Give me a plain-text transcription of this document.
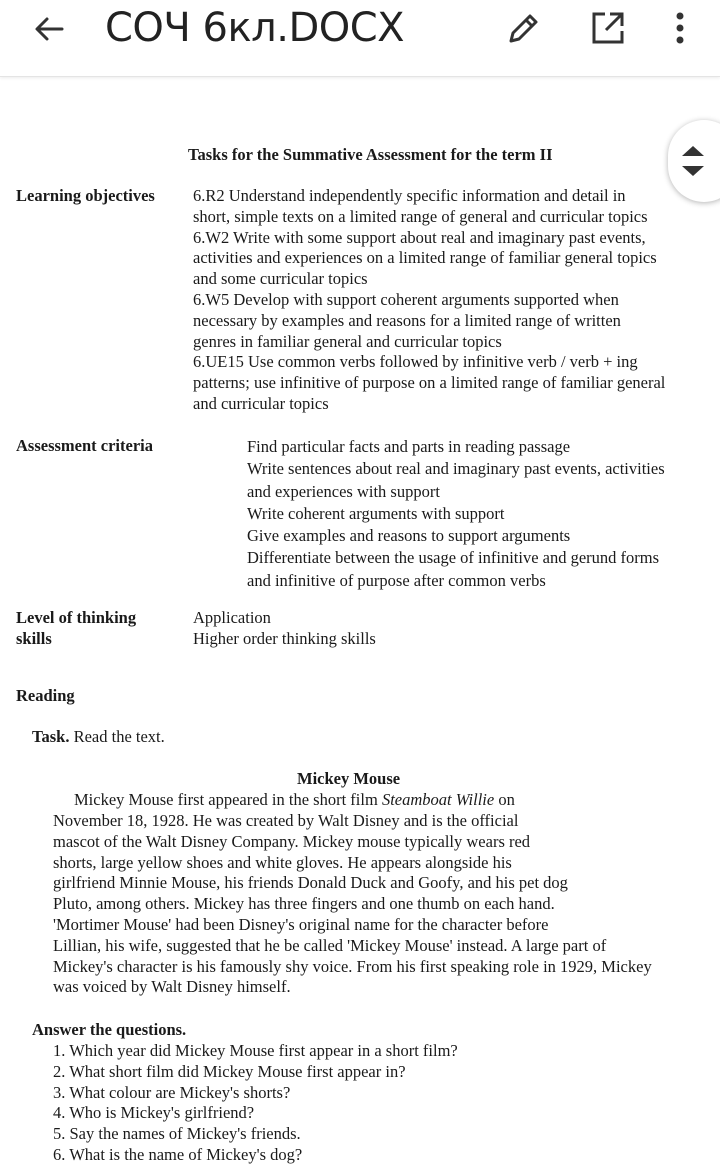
СОЧ 6кл.DOCX
Tasks for the Summative Assessment for the term II
Learning objectives 6.R2 Understand independently specific information and detail in
short, simple texts on a limited range of general and curricular topics
6.W2 Write with some support about real and imaginary past events,
activities and experiences on a limited range of familiar general topics
and some curricular topics
6.W5 Develop with support coherent arguments supported when
necessary by examples and reasons for a limited range of written
genres in familiar general and curricular topics
6.UE15 Use common verbs followed by infinitive verb / verb + ing
patterns; use infinitive of purpose on a limited range of familiar general
and curricular topics
Assessment criteria	Find particular facts and parts in reading passage
Write sentences about real and imaginary past events, activities
and experiences with support
Write coherent arguments with support
Give examples and reasons to support arguments
Differentiate between the usage of infinitive and gerund forms
and infinitive of purpose after common verbs
Level of thinking
skills
Application
Higher order thinking skills
Reading
Task. Read the text.
Mickey Mouse
Mickey Mouse first appeared in the short film Steamboat Willie on
November 18, 1928. He was created by Walt Disney and is the official
mascot of the Walt Disney Company. Mickey mouse typically wears red
shorts, large yellow shoes and white gloves. He appears alongside his
girlfriend Minnie Mouse, his friends Donald Duck and Goofy, and his pet dog
Pluto, among others. Mickey has three fingers and one thumb on each hand.
'Mortimer Mouse' had been Disney's original name for the character before
Lillian, his wife, suggested that he be called 'Mickey Mouse' instead. A large part of
Mickey's character is his famously shy voice. From his first speaking role in 1929, Mickey
was voiced by Walt Disney himself.
Answer the questions.
1. Which year did Mickey Mouse first appear in a short film?
2. What short film did Mickey Mouse first appear in?
3. What colour are Mickey's shorts?
4. Who is Mickey's girlfriend?
5. Say the names of Mickey's friends.
6. What is the name of Mickey's dog?
